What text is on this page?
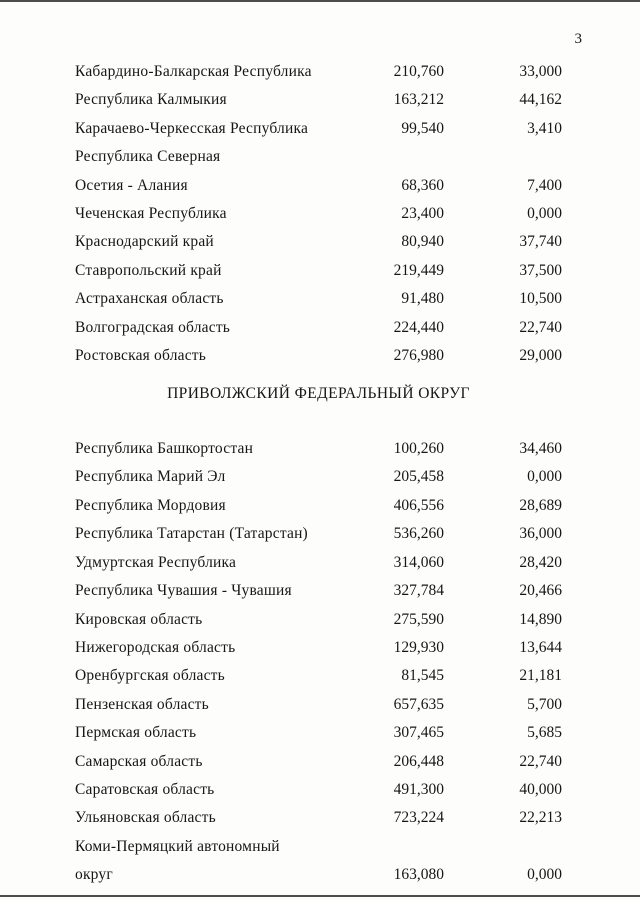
3
Кабардино-Балкарская Республика	210,760	33,000
Республика Калмыкия	163,212	44,162
Карачаево-Черкесская Республика	99,540	3,410
Республика Северная
Осетия - Алания	68,360	7,400
Чеченская Республика	23,400	0,000
Краснодарский край	80,940	37,740
Ставропольский край	219,449	37,500
Астраханская область	91,480	10,500
Волгоградская область	224,440	22,740
Ростовская область	276,980	29,000
ПРИВОЛЖСКИЙ ФЕДЕРАЛЬНЫЙ ОКРУГ
Республика Башкортостан	100,260	34,460
Республика Марий Эл	205,458	0,000
Республика Мордовия	406,556	28,689
Республика Татарстан (Татарстан)	536,260	36,000
Удмуртская Республика	314,060	28,420
Республика Чувашия - Чувашия	327,784	20,466
Кировская область	275,590	14,890
Нижегородская область	129,930	13,644
Оренбургская область	81,545	21,181
Пензенская область	657,635	5,700
Пермская область	307,465	5,685
Самарская область	206,448	22,740
Саратовская область	491,300	40,000
Ульяновская область	723,224	22,213
Коми-Пермяцкий автономный
округ	163,080	0,000
